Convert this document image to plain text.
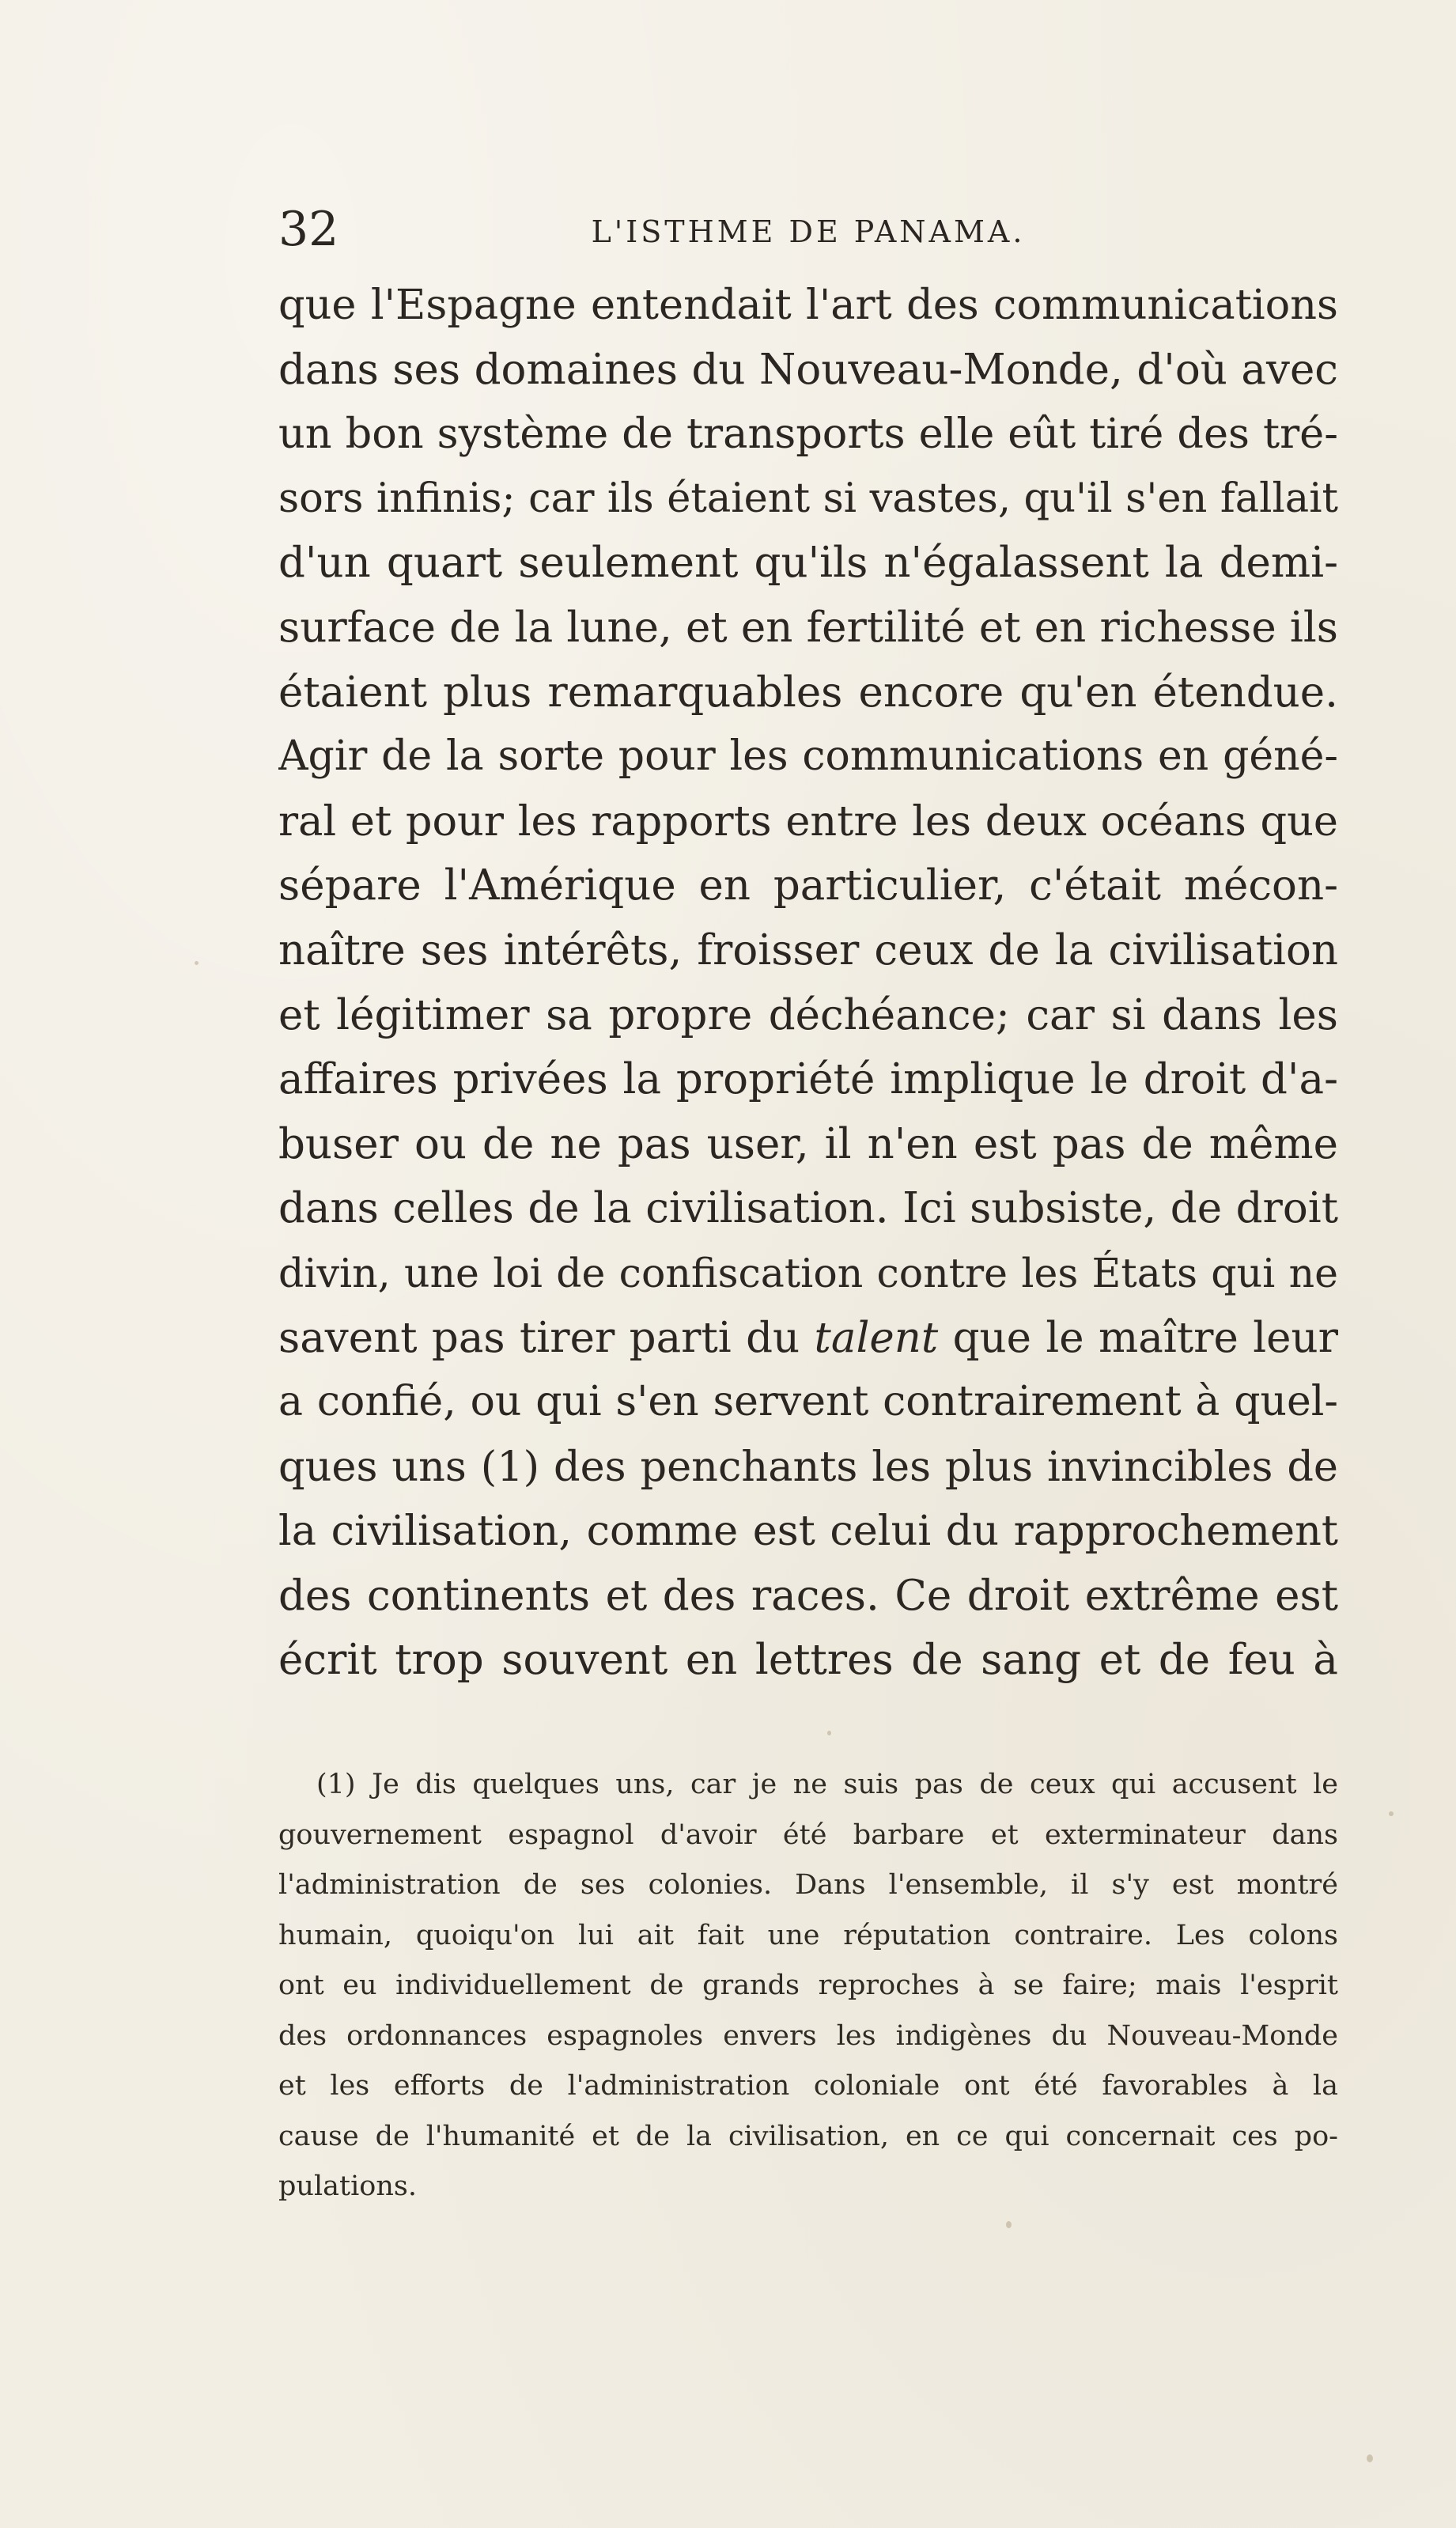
32	L'ISTHME DE PANAMA.
que l'Espagne entendait l'art des communications
dans ses domaines du Nouveau-Monde, d'où avec
un bon système de transports elle eût tiré des tré-
sors infinis; car ils étaient si vastes, qu'il s'en fallait
d'un quart seulement qu'ils n'égalassent la demi-
surface de la lune, et en fertilité et en richesse ils
étaient plus remarquables encore qu'en étendue.
Agir de la sorte pour les communications en géné-
ral et pour les rapports entre les deux océans que
sépare l'Amérique en particulier, c'était mécon-
naître ses intérêts, froisser ceux de la civilisation
et légitimer sa propre déchéance; car si dans les
affaires privées la propriété implique le droit d'a-
buser ou de ne pas user, il n'en est pas de même
dans celles de la civilisation. Ici subsiste, de droit
divin, une loi de confiscation contre les États qui ne
savent pas tirer parti du talent que le maître leur
a confié, ou qui s'en servent contrairement à quel-
ques uns (1) des penchants les plus invincibles de
la civilisation, comme est celui du rapprochement
des continents et des races. Ce droit extrême est
écrit trop souvent en lettres de sang et de feu à
(1) Je dis quelques uns, car je ne suis pas de ceux qui accusent le
gouvernement espagnol d'avoir été barbare et exterminateur dans
l'administration de ses colonies. Dans l'ensemble, il s'y est montré
humain, quoiqu'on lui ait fait une réputation contraire. Les colons
ont eu individuellement de grands reproches à se faire; mais l'esprit
des ordonnances espagnoles envers les indigènes du Nouveau-Monde
et les efforts de l'administration coloniale ont été favorables à la
cause de l'humanité et de la civilisation, en ce qui concernait ces po-
pulations.
